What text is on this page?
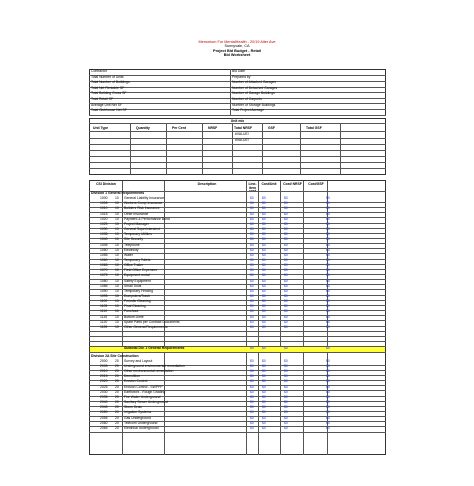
Memorium For MentalHealth - 20/19 Alter Ave
Sunnyvale, CA
Project Bid Budget - Retail
Bid Worksheet
Contractor	Bid Date
Total Number of Units	Prepared by
Total Number of Buildings	Number of Attached Garages
Total Net Rentable SF	Number of Detached Garages
Total Building Gross SF	Number of Garage Buildings
Total Retail SF	Number of Carports
Average Unit Net SF	Number of Storage Buildings
Total Clubhouse Net SF	Total Project Acreage
Unit mix
Unit Type	Quantity	Per Cent	NRSF	Total NRSF	GSF	Total GSF
#VALUE!
#VALUE!
CSI Division	Description	Line-item cost
Cost/Unit	Cost/ NRSF	Cost/GSF
Division 1 General Requirements
1000 10 General Liability Insurance	$0 $0	$0	$0
1005 10 Workers Comp Insurance	$0 $0	$0	$0
1010 10 Builders Risk Insurance	$0 $0	$0	$0
1015 10 Other Insurance	$0 $0	$0	$0
1020 10 Payment & Performance Bond	$0 $0	$0	$0
1025 10 Project Manager	$0 $0	$0	$0
1030 10 General Superintendent	$0 $0	$0	$0
1035 10 Temporary Utilities	$0 $0	$0	$0
1040 10 Site Security	$0 $0	$0	$0
1045 10 Telephone	$0 $0	$0	$0
1050 10 Electricity	$0 $0	$0	$0
1055 10 Water	$0 $0	$0	$0
1060 10 Temporary Toilets	$0 $0	$0	$0
1065 10 Office Trailer	$0 $0	$0	$0
1070 10 Field Office Expenses	$0 $0	$0	$0
1075 10 Equipment rental	$0 $0	$0	$0
1080 10 Safety Equipment	$0 $0	$0	$0
1085 10 Small Tools	$0 $0	$0	$0
1090 10 Temporary Fencing	$0 $0	$0	$0
1095 10 Dumpsters/Trash	$0 $0	$0	$0
1100 10 Periodic Cleaning	$0 $0	$0	$0
1105 10 Final Cleaning	$0 $0	$0	$0
1110 10 Punchout	$0 $0	$0	$0
1115 10 Bottom Dime	$0 $0	$0	$0
1120 10 Spare Parts per Contract Documents	$0 $0	$0	$0
1125 10 Other General Requirements	$0 $0	$0	$0
Subtotal Div. 1 General Requirements	$0 $0	$0	$0
Division 2A Site Construction
2000 20 Survey and Layout	$0 $0	$0	$0
2005 20 Underground environmental remediation	$0 $0	$0	$0
2010 20 Other environmental remediation	$0 $0	$0	$0
2015 20 Demolition	$0 $0	$0	$0
2020 20 Erosion Control	$0 $0	$0	$0
2025 20 Erosion Control - SWPPP	$0 $0	$0	$0
2030 20 Earthwork - Rough Grading	$0 $0	$0	$0
2035 20 Fire Water Underground	$0 $0	$0	$0
2040 20 Sanitary Sewer Underground	$0 $0	$0	$0
2045 20 Storm Drain	$0 $0	$0	$0
2050 20 Irrigation Systems	$0 $0	$0	$0
2055 20 Gas Underground	$0 $0	$0	$0
2060 20 Telecom Underground	$0 $0	$0	$0
2065 20 Electrical Underground	$0 $0	$0	$0
